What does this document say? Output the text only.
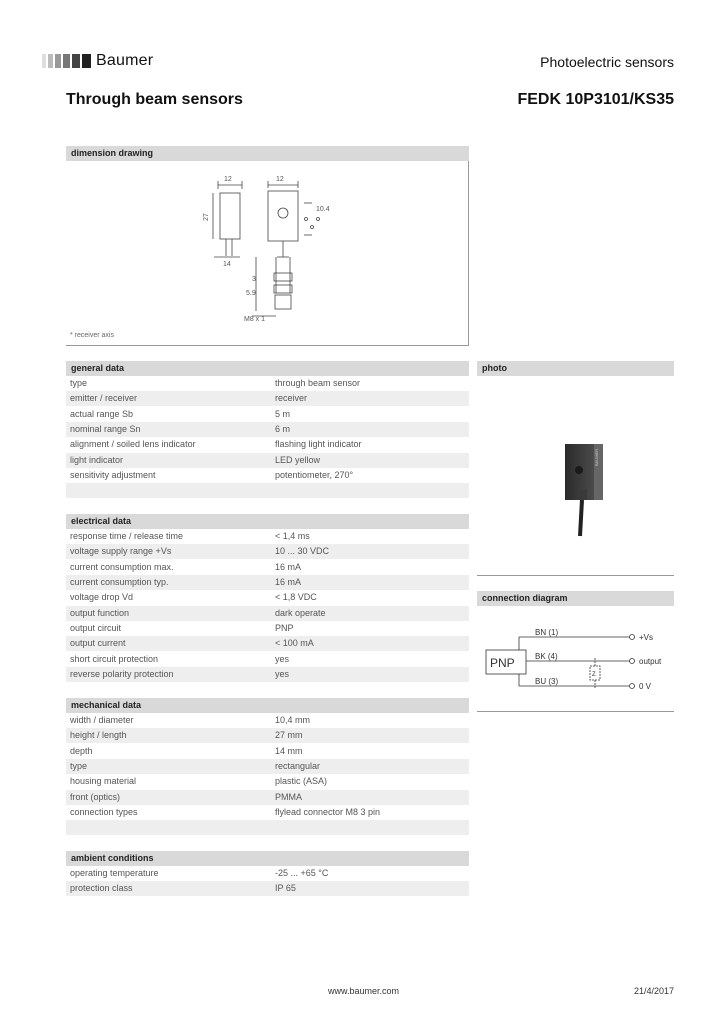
Baumer	Photoelectric sensors
Through beam sensors	FEDK 10P3101/KS35
dimension drawing
12	12
27
14
10.4
3
5.9
M8 x 1
* receiver axis
general data
type	through beam sensor
emitter / receiver	receiver
actual range Sb	5 m
nominal range Sn	6 m
alignment / soiled lens indicator	flashing light indicator
light indicator	LED yellow
sensitivity adjustment	potentiometer, 270°
electrical data
response time / release time	< 1,4 ms
voltage supply range +Vs	10 ... 30 VDC
current consumption max.	16 mA
current consumption typ.	16 mA
voltage drop Vd	< 1,8 VDC
output function	dark operate
output circuit	PNP
output current	< 100 mA
short circuit protection	yes
reverse polarity protection	yes
mechanical data
width / diameter	10,4 mm
height / length	27 mm
depth	14 mm
type	rectangular
housing material	plastic (ASA)
front (optics)	PMMA
connection types	flylead connector M8 3 pin
ambient conditions
operating temperature	-25 ... +65 °C
protection class	IP 65
photo
BAUMER
connection diagram
PNP
BN (1)
BK (4)
BU (3)
+Vs
output
0 V
Z
www.baumer.com	21/4/2017
